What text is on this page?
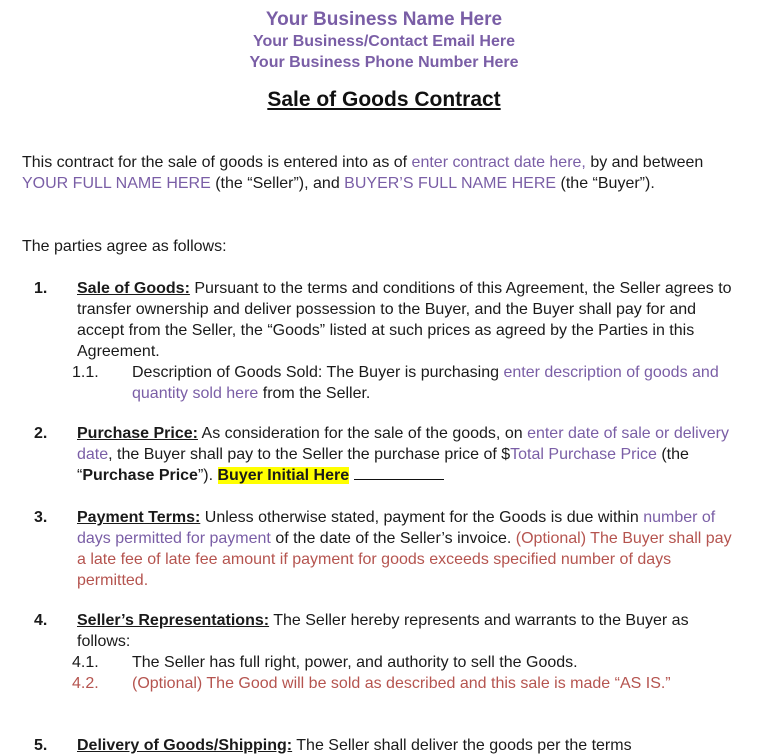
Your Business Name Here
Your Business/Contact Email Here
Your Business Phone Number Here
Sale of Goods Contract
This contract for the sale of goods is entered into as of enter contract date here, by and between YOUR FULL NAME HERE (the “Seller”), and BUYER’S FULL NAME HERE (the “Buyer”).
The parties agree as follows:
1. Sale of Goods: Pursuant to the terms and conditions of this Agreement, the Seller agrees to transfer ownership and deliver possession to the Buyer, and the Buyer shall pay for and accept from the Seller, the “Goods” listed at such prices as agreed by the Parties in this Agreement.
1.1. Description of Goods Sold: The Buyer is purchasing enter description of goods and quantity sold here from the Seller.
2. Purchase Price: As consideration for the sale of the goods, on enter date of sale or delivery date, the Buyer shall pay to the Seller the purchase price of $Total Purchase Price (the “Purchase Price”). Buyer Initial Here
3. Payment Terms: Unless otherwise stated, payment for the Goods is due within number of days permitted for payment of the date of the Seller’s invoice. (Optional) The Buyer shall pay a late fee of late fee amount if payment for goods exceeds specified number of days permitted.
4. Seller’s Representations: The Seller hereby represents and warrants to the Buyer as follows:
4.1. The Seller has full right, power, and authority to sell the Goods.
4.2. (Optional) The Good will be sold as described and this sale is made “AS IS.”
5. Delivery of Goods/Shipping: The Seller shall deliver the goods per the terms
